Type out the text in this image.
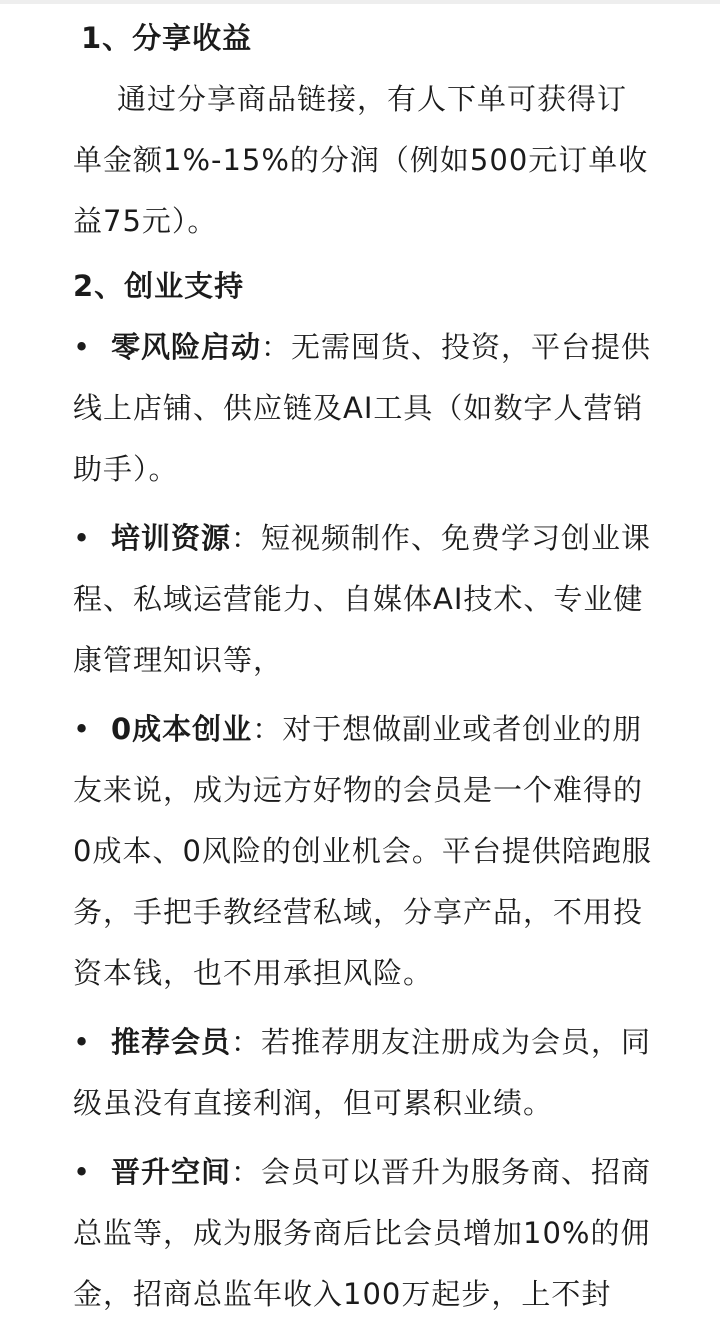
1、分享收益

通过分享商品链接，有人下单可获得订单金额1%-15%的分润（例如500元订单收益75元）。

2、创业支持

• 零风险启动：无需囤货、投资，平台提供线上店铺、供应链及AI工具（如数字人营销助手）。
• 培训资源：短视频制作、免费学习创业课程、私域运营能力、自媒体AI技术、专业健康管理知识等，
• 0成本创业：对于想做副业或者创业的朋友来说，成为远方好物的会员是一个难得的0成本、0风险的创业机会。平台提供陪跑服务，手把手教经营私域，分享产品，不用投资本钱，也不用承担风险。
• 推荐会员：若推荐朋友注册成为会员，同级虽没有直接利润，但可累积业绩。
• 晋升空间：会员可以晋升为服务商、招商总监等，成为服务商后比会员增加10%的佣金，招商总监年收入100万起步，上不封
